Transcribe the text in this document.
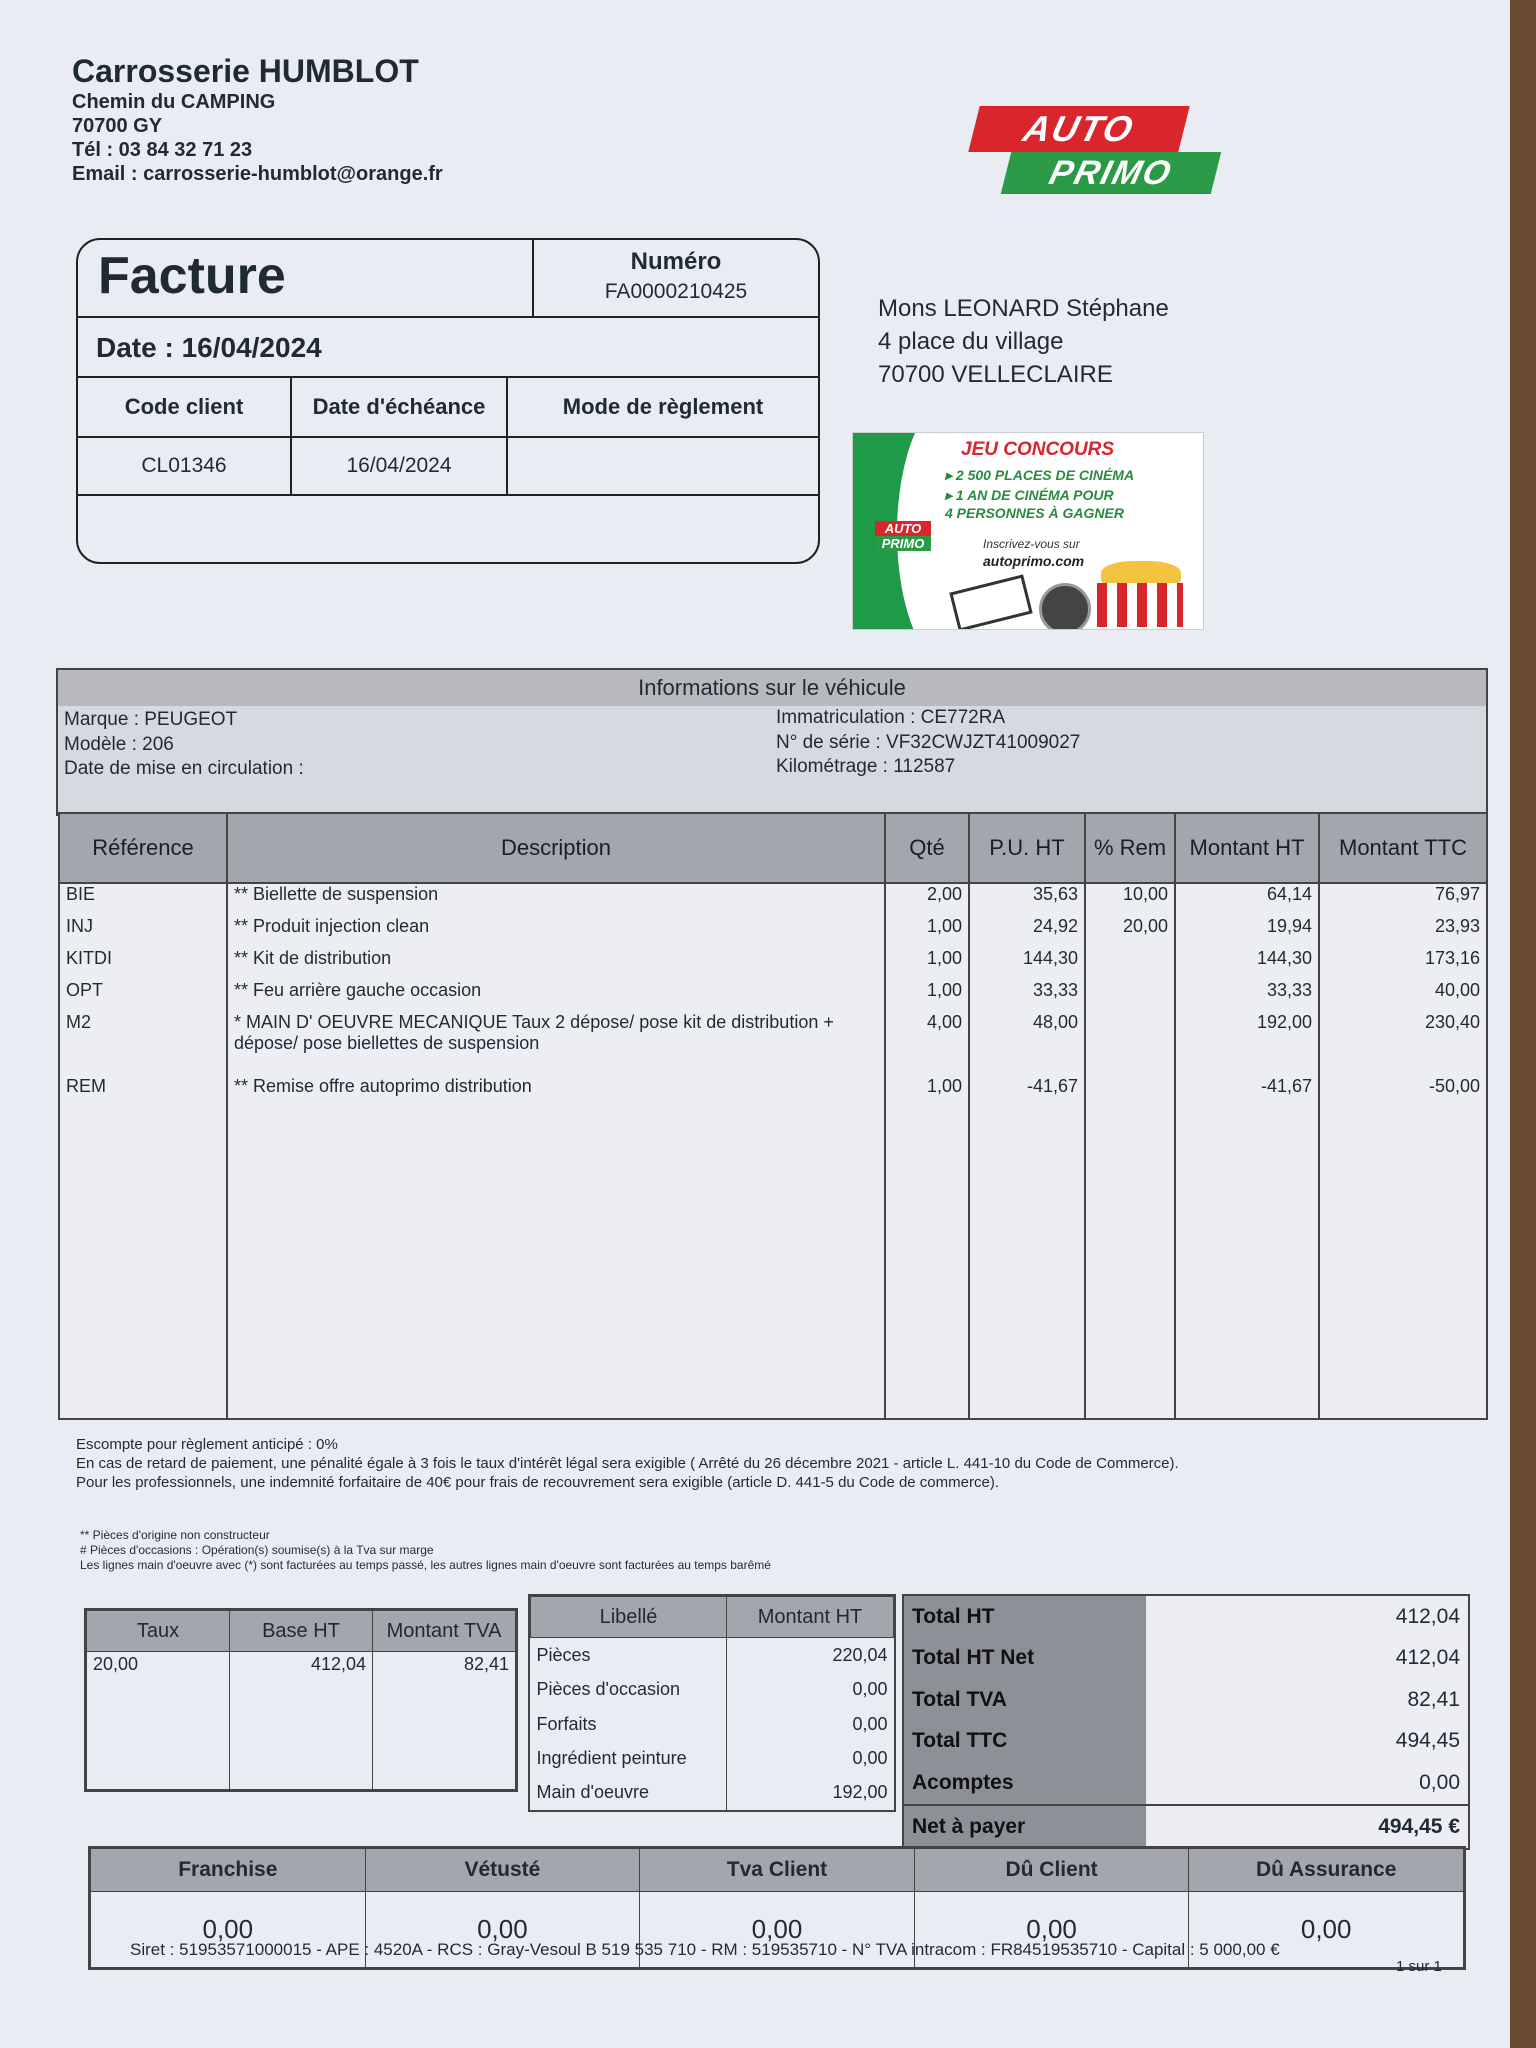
Carrosserie HUMBLOT
Chemin du CAMPING
70700 GY
Tél : 03 84 32 71 23
Email : carrosserie-humblot@orange.fr
AUTO
PRIMO
Facture	Numéro
FA0000210425
Date : 16/04/2024
Code client	Date d'échéance	Mode de règlement
CL01346	16/04/2024
Mons LEONARD Stéphane
4 place du village
70700 VELLECLAIRE
AUTO
PRIMO
JEU CONCOURS
▸ 2 500 PLACES DE CINÉMA
▸ 1 AN DE CINÉMA POUR
4 PERSONNES À GAGNER
Inscrivez-vous sur
autoprimo.com
Informations sur le véhicule
Marque : PEUGEOT
Modèle : 206
Date de mise en circulation :
Immatriculation : CE772RA
N° de série : VF32CWJZT41009027
Kilométrage : 112587
Référence	Description	Qté	P.U. HT	% Rem	Montant HT	Montant TTC
BIE	** Biellette de suspension	2,00	35,63	10,00	64,14	76,97
INJ	** Produit injection clean	1,00	24,92	20,00	19,94	23,93
KITDI	** Kit de distribution	1,00	144,30		144,30	173,16
OPT	** Feu arrière gauche occasion	1,00	33,33		33,33	40,00
M2	* MAIN D' OEUVRE MECANIQUE Taux 2 dépose/ pose kit de distribution + dépose/ pose biellettes de suspension	4,00	48,00		192,00	230,40
REM	** Remise offre autoprimo distribution	1,00	-41,67		-41,67	-50,00

Escompte pour règlement anticipé : 0%
En cas de retard de paiement, une pénalité égale à 3 fois le taux d'intérêt légal sera exigible ( Arrêté du 26 décembre 2021 - article L. 441-10 du Code de Commerce).
Pour les professionnels, une indemnité forfaitaire de 40€ pour frais de recouvrement sera exigible (article D. 441-5 du Code de commerce).
** Pièces d'origine non constructeur
# Pièces d'occasions : Opération(s) soumise(s) à la Tva sur marge
Les lignes main d'oeuvre avec (*) sont facturées au temps passé, les autres lignes main d'oeuvre sont facturées au temps barêmé
Taux	Base HT	Montant TVA
20,00	412,04	82,41
Libellé	Montant HT
Pièces	220,04
Pièces d'occasion	0,00
Forfaits	0,00
Ingrédient peinture	0,00
Main d'oeuvre	192,00
Total HT	412,04
Total HT Net	412,04
Total TVA	82,41
Total TTC	494,45
Acomptes	0,00
Net à payer	494,45 €
Franchise	Vétusté	Tva Client	Dû Client	Dû Assurance
0,00	0,00	0,00	0,00	0,00
Siret : 51953571000015 - APE : 4520A - RCS : Gray-Vesoul B 519 535 710 - RM : 519535710 - N° TVA intracom : FR84519535710 - Capital : 5 000,00 €
1 sur 1
